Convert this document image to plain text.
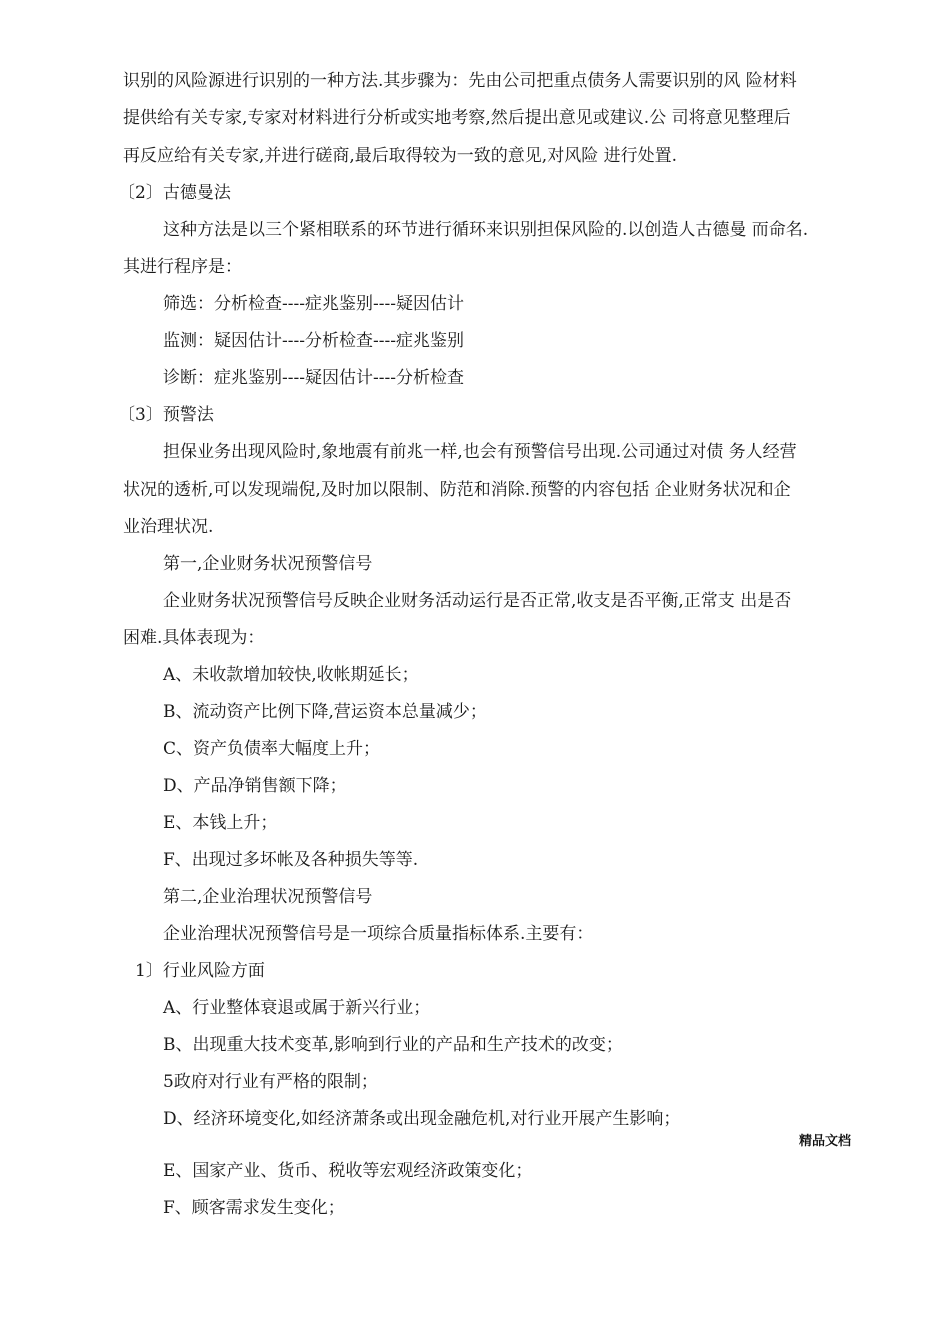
识别的风险源进行识别的一种方法.其步骤为：先由公司把重点债务人需要识别的风 险材料
提供给有关专家,专家对材料进行分析或实地考察,然后提出意见或建议.公 司将意见整理后
再反应给有关专家,并进行磋商,最后取得较为一致的意见,对风险 进行处置.
〔2〕古德曼法
这种方法是以三个紧相联系的环节进行循环来识别担保风险的.以创造人古德曼 而命名.
其进行程序是：
筛选：分析检查----症兆鉴别----疑因估计
监测：疑因估计----分析检查----症兆鉴别
诊断：症兆鉴别----疑因估计----分析检查
〔3〕预警法
担保业务出现风险时,象地震有前兆一样,也会有预警信号出现.公司通过对债 务人经营
状况的透析,可以发现端倪,及时加以限制、防范和消除.预警的内容包括 企业财务状况和企
业治理状况.
第一,企业财务状况预警信号
企业财务状况预警信号反映企业财务活动运行是否正常,收支是否平衡,正常支 出是否
困难.具体表现为：
A、未收款增加较快,收帐期延长；
B、流动资产比例下降,营运资本总量减少；
C、资产负债率大幅度上升；
D、产品净销售额下降；
E、本钱上升；
F、出现过多坏帐及各种损失等等.
第二,企业治理状况预警信号
企业治理状况预警信号是一项综合质量指标体系.主要有：
1〕行业风险方面
A、行业整体衰退或属于新兴行业；
B、出现重大技术变革,影响到行业的产品和生产技术的改变；
5政府对行业有严格的限制；
D、经济环境变化,如经济萧条或出现金融危机,对行业开展产生影响；
精品文档
E、国家产业、货币、税收等宏观经济政策变化；
F、顾客需求发生变化；
